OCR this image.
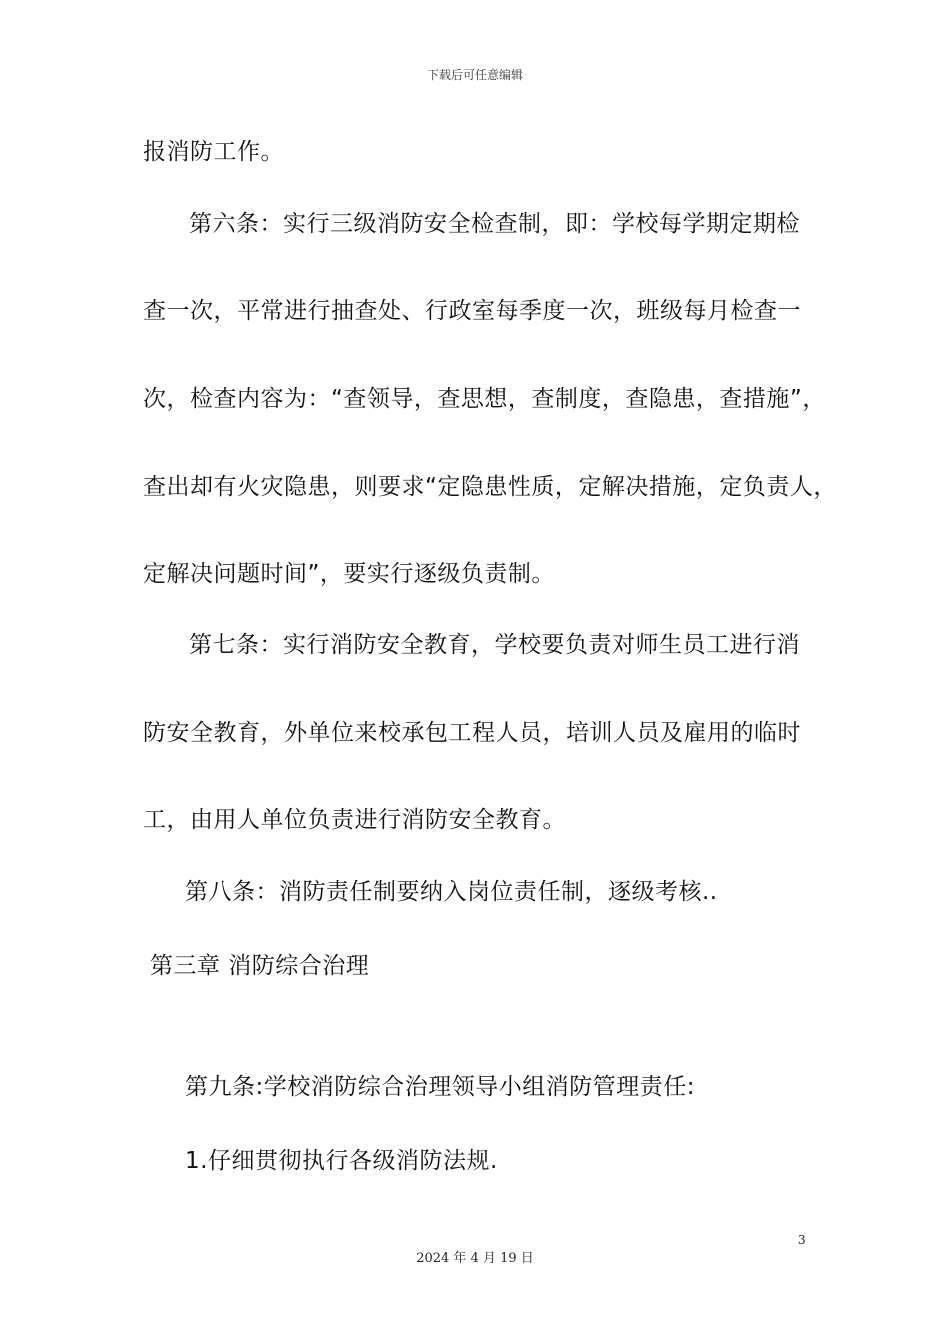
下载后可任意编辑
报消防工作。
第六条：实行三级消防安全检查制，即：学校每学期定期检
查一次，平常进行抽查处、行政室每季度一次，班级每月检查一
次，检查内容为：“查领导，查思想，查制度，查隐患，查措施”，
查出却有火灾隐患，则要求“定隐患性质，定解决措施，定负责人，
定解决问题时间”，要实行逐级负责制。
第七条：实行消防安全教育，学校要负责对师生员工进行消
防安全教育，外单位来校承包工程人员，培训人员及雇用的临时
工，由用人单位负责进行消防安全教育。
第八条：消防责任制要纳入岗位责任制，逐级考核..
第三章 消防综合治理
第九条:学校消防综合治理领导小组消防管理责任:
1.仔细贯彻执行各级消防法规.
3
2024 年 4 月 19 日
